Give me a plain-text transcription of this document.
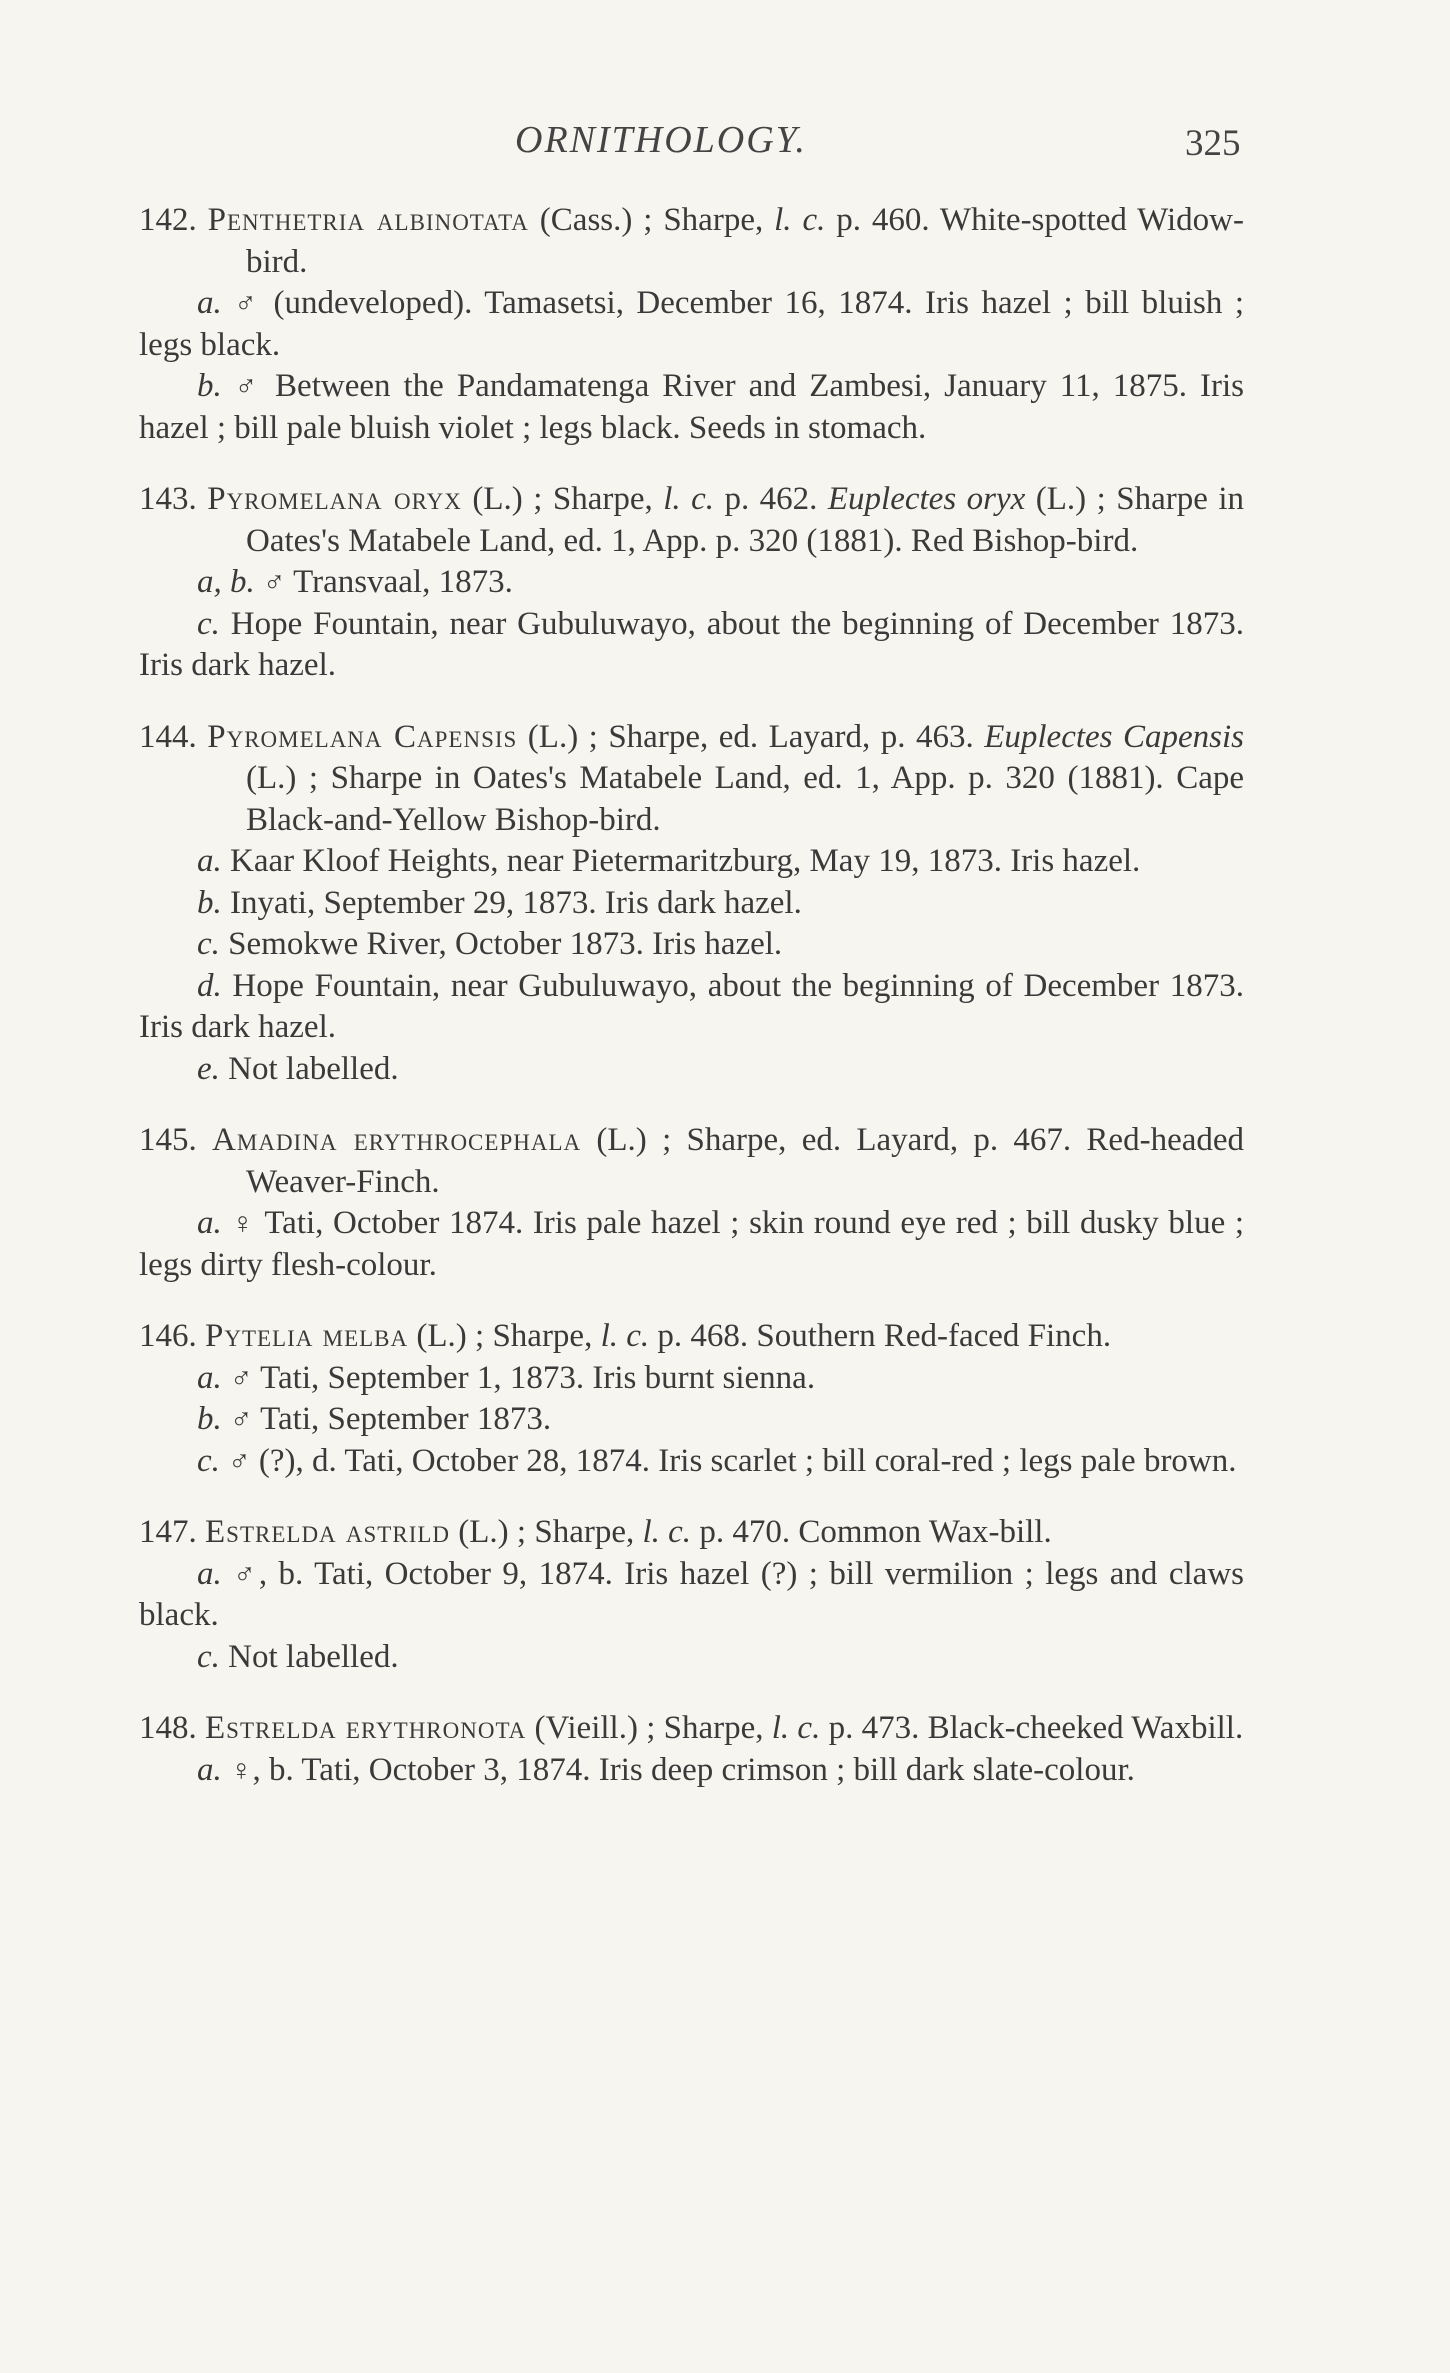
ORNITHOLOGY.	325

142. Penthetria albinotata (Cass.) ; Sharpe, l. c. p. 460. White-spotted Widow-bird.

a. ♂ (undeveloped). Tamasetsi, December 16, 1874. Iris hazel ; bill bluish ; legs black.

b. ♂ Between the Pandamatenga River and Zambesi, January 11, 1875. Iris hazel ; bill pale bluish violet ; legs black. Seeds in stomach.

143. Pyromelana oryx (L.) ; Sharpe, l. c. p. 462. Euplectes oryx (L.) ; Sharpe in Oates's Matabele Land, ed. 1, App. p. 320 (1881). Red Bishop-bird.

a, b. ♂ Transvaal, 1873.

c. Hope Fountain, near Gubuluwayo, about the beginning of December 1873. Iris dark hazel.

144. Pyromelana Capensis (L.) ; Sharpe, ed. Layard, p. 463. Euplectes Capensis (L.) ; Sharpe in Oates's Matabele Land, ed. 1, App. p. 320 (1881). Cape Black-and-Yellow Bishop-bird.

a. Kaar Kloof Heights, near Pietermaritzburg, May 19, 1873. Iris hazel.

b. Inyati, September 29, 1873. Iris dark hazel.

c. Semokwe River, October 1873. Iris hazel.

d. Hope Fountain, near Gubuluwayo, about the beginning of December 1873. Iris dark hazel.

e. Not labelled.

145. Amadina erythrocephala (L.) ; Sharpe, ed. Layard, p. 467. Red-headed Weaver-Finch.

a. ♀ Tati, October 1874. Iris pale hazel ; skin round eye red ; bill dusky blue ; legs dirty flesh-colour.

146. Pytelia melba (L.) ; Sharpe, l. c. p. 468. Southern Red-faced Finch.

a. ♂ Tati, September 1, 1873. Iris burnt sienna.

b. ♂ Tati, September 1873.

c. ♂ (?), d. Tati, October 28, 1874. Iris scarlet ; bill coral-red ; legs pale brown.

147. Estrelda astrild (L.) ; Sharpe, l. c. p. 470. Common Wax-bill.

a. ♂, b. Tati, October 9, 1874. Iris hazel (?) ; bill vermilion ; legs and claws black.

c. Not labelled.

148. Estrelda erythronota (Vieill.) ; Sharpe, l. c. p. 473. Black-cheeked Waxbill.

a. ♀, b. Tati, October 3, 1874. Iris deep crimson ; bill dark slate-colour.
